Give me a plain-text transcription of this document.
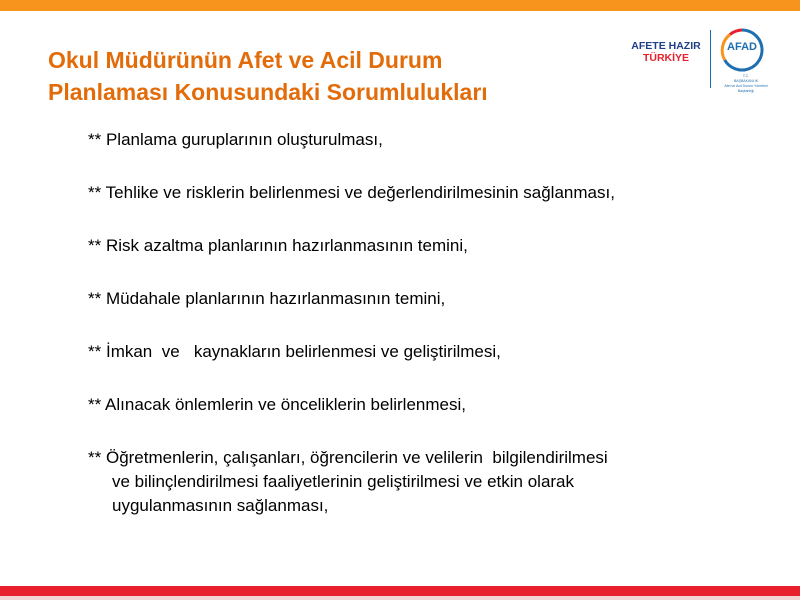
Okul Müdürünün Afet ve Acil Durum
Planlaması Konusundaki Sorumlulukları
AFETE HAZIR
TÜRKİYE
AFAD
T.C.
BAŞBAKANLIK
Afet ve Acil Durum Yönetimi Başkanlığı
** Planlama guruplarının oluşturulması,
** Tehlike ve risklerin belirlenmesi ve değerlendirilmesinin sağlanması,
** Risk azaltma planlarının hazırlanmasının temini,
** Müdahale planlarının hazırlanmasının temini,
** İmkan  ve   kaynakların belirlenmesi ve geliştirilmesi,
** Alınacak önlemlerin ve önceliklerin belirlenmesi,
** Öğretmenlerin, çalışanları, öğrencilerin ve velilerin  bilgilendirilmesi
ve bilinçlendirilmesi faaliyetlerinin geliştirilmesi ve etkin olarak
uygulanmasının sağlanması,
